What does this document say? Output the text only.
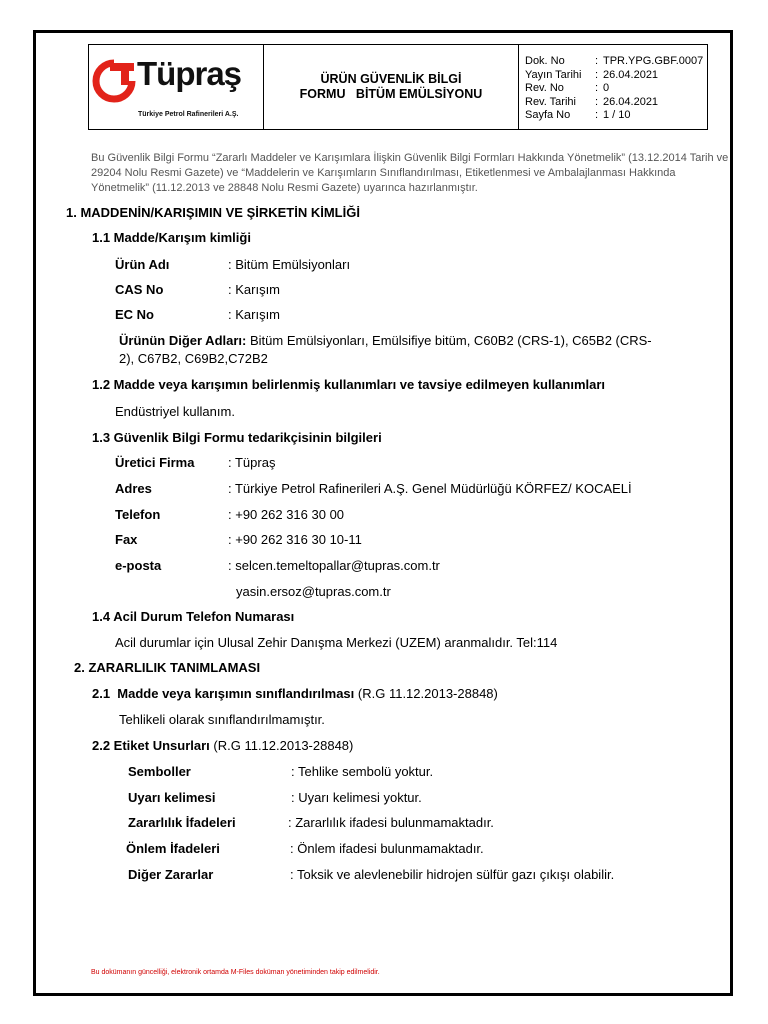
Tüpraş
Türkiye Petrol Rafinerileri A.Ş.
ÜRÜN GÜVENLİK BİLGİ
FORMU   BİTÜM EMÜLSİYONU
Dok. No	: TPR.YPG.GBF.0007
Yayın Tarihi	: 26.04.2021
Rev. No	: 0
Rev. Tarihi	: 26.04.2021
Sayfa No	: 1 / 10
Bu Güvenlik Bilgi Formu “Zararlı Maddeler ve Karışımlara İlişkin Güvenlik Bilgi Formları Hakkında Yönetmelik” (13.12.2014 Tarih ve 29204 Nolu Resmi Gazete) ve “Maddelerin ve Karışımların Sınıflandırılması, Etiketlenmesi ve Ambalajlanması Hakkında Yönetmelik” (11.12.2013 ve 28848 Nolu Resmi Gazete) uyarınca hazırlanmıştır.
1. MADDENİN/KARIŞIMIN VE ŞİRKETİN KİMLİĞİ
1.1 Madde/Karışım kimliği
Ürün Adı	: Bitüm Emülsiyonları
CAS No	: Karışım
EC No	: Karışım
Ürünün Diğer Adları: Bitüm Emülsiyonları, Emülsifiye bitüm, C60B2 (CRS-1), C65B2 (CRS-
2), C67B2, C69B2,C72B2
1.2 Madde veya karışımın belirlenmiş kullanımları ve tavsiye edilmeyen kullanımları
Endüstriyel kullanım.
1.3 Güvenlik Bilgi Formu tedarikçisinin bilgileri
Üretici Firma	: Tüpraş
Adres	: Türkiye Petrol Rafinerileri A.Ş. Genel Müdürlüğü KÖRFEZ/ KOCAELİ
Telefon	: +90 262 316 30 00
Fax	: +90 262 316 30 10-11
e-posta	: selcen.temeltopallar@tupras.com.tr
yasin.ersoz@tupras.com.tr
1.4 Acil Durum Telefon Numarası
Acil durumlar için Ulusal Zehir Danışma Merkezi (UZEM) aranmalıdır. Tel:114
2. ZARARLILIK TANIMLAMASI
2.1  Madde veya karışımın sınıflandırılması (R.G 11.12.2013-28848)
Tehlikeli olarak sınıflandırılmamıştır.
2.2 Etiket Unsurları (R.G 11.12.2013-28848)
Semboller	: Tehlike sembolü yoktur.
Uyarı kelimesi	: Uyarı kelimesi yoktur.
Zararlılık İfadeleri	: Zararlılık ifadesi bulunmamaktadır.
Önlem İfadeleri	: Önlem ifadesi bulunmamaktadır.
Diğer Zararlar	: Toksik ve alevlenebilir hidrojen sülfür gazı çıkışı olabilir.
Bu dokümanın güncelliği, elektronik ortamda M-Files doküman yönetiminden takip edilmelidir.
